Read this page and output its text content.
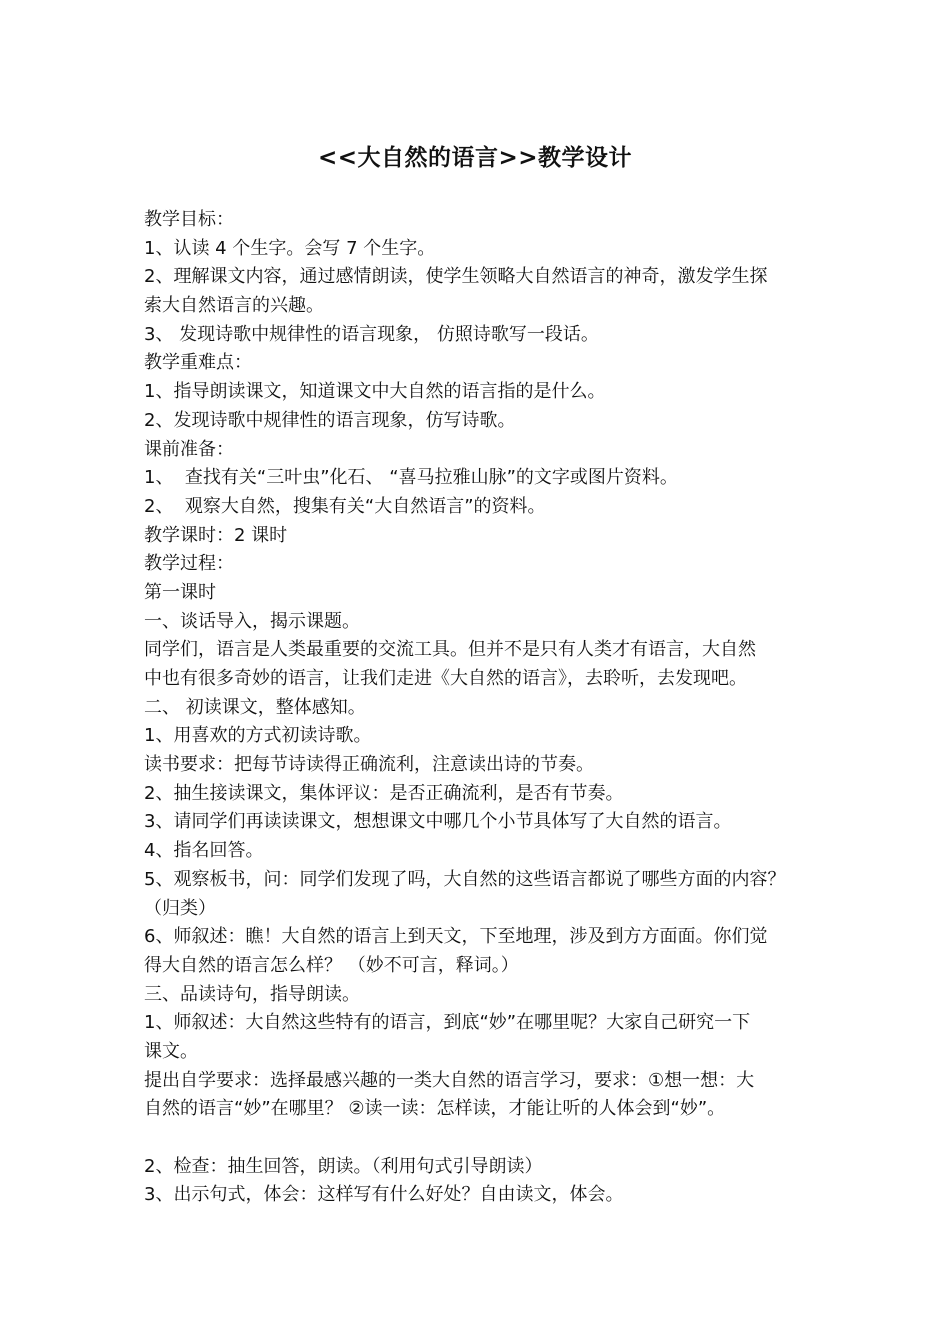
<<大自然的语言>>教学设计
教学目标：
1、认读 4 个生字。会写 7 个生字。
2、理解课文内容，通过感情朗读，使学生领略大自然语言的神奇，激发学生探
索大自然语言的兴趣。
3、 发现诗歌中规律性的语言现象， 仿照诗歌写一段话。
教学重难点：
1、指导朗读课文，知道课文中大自然的语言指的是什么。
2、发现诗歌中规律性的语言现象，仿写诗歌。
课前准备：
1、  查找有关“三叶虫”化石、 “喜马拉雅山脉”的文字或图片资料。
2、  观察大自然，搜集有关“大自然语言”的资料。
教学课时：2 课时
教学过程：
第一课时
一、谈话导入，揭示课题。
同学们，语言是人类最重要的交流工具。但并不是只有人类才有语言，大自然
中也有很多奇妙的语言，让我们走进《大自然的语言》，去聆听，去发现吧。
二、 初读课文，整体感知。
1、用喜欢的方式初读诗歌。
读书要求：把每节诗读得正确流利，注意读出诗的节奏。
2、抽生接读课文，集体评议：是否正确流利，是否有节奏。
3、请同学们再读读课文，想想课文中哪几个小节具体写了大自然的语言。
4、指名回答。
5、观察板书，问：同学们发现了吗，大自然的这些语言都说了哪些方面的内容？
（归类）
6、师叙述：瞧！大自然的语言上到天文，下至地理，涉及到方方面面。你们觉
得大自然的语言怎么样？ （妙不可言，释词。）
三、品读诗句，指导朗读。
1、师叙述：大自然这些特有的语言，到底“妙”在哪里呢？大家自己研究一下
课文。
提出自学要求：选择最感兴趣的一类大自然的语言学习，要求：①想一想：大
自然的语言“妙”在哪里？ ②读一读：怎样读，才能让听的人体会到“妙”。
2、检查：抽生回答，朗读。（利用句式引导朗读）
3、出示句式，体会：这样写有什么好处？自由读文，体会。
